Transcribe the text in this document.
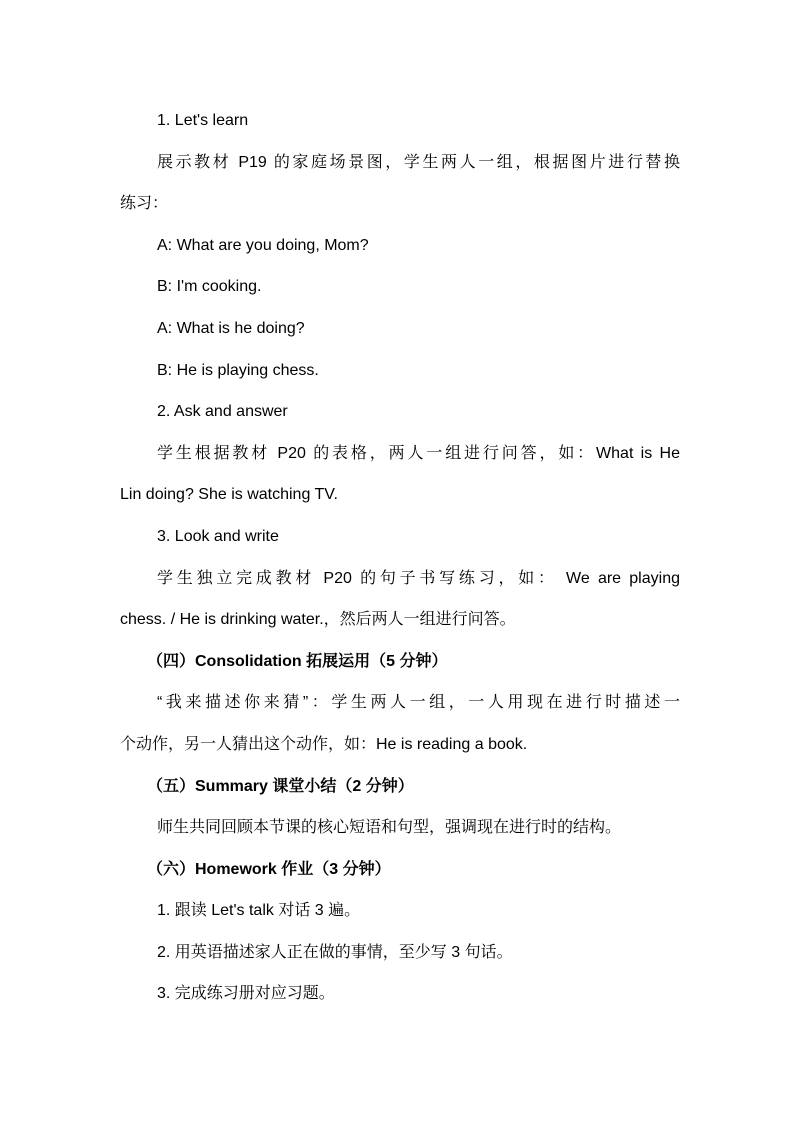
1. Let's learn
展示教材 P19 的家庭场景图，学生两人一组，根据图片进行替换
练习：
A: What are you doing, Mom?
B: I'm cooking.
A: What is he doing?
B: He is playing chess.
2. Ask and answer
学生根据教材 P20 的表格，两人一组进行问答，如：What is He
Lin doing? She is watching TV.
3. Look and write
学生独立完成教材 P20 的句子书写练习，如： We are playing
chess. / He is drinking water.，然后两人一组进行问答。
（四）Consolidation 拓展运用（5 分钟）
“我来描述你来猜”：学生两人一组，一人用现在进行时描述一
个动作，另一人猜出这个动作，如：He is reading a book.
（五）Summary 课堂小结（2 分钟）
师生共同回顾本节课的核心短语和句型，强调现在进行时的结构。
（六）Homework 作业（3 分钟）
1. 跟读 Let's talk 对话 3 遍。
2. 用英语描述家人正在做的事情，至少写 3 句话。
3. 完成练习册对应习题。
